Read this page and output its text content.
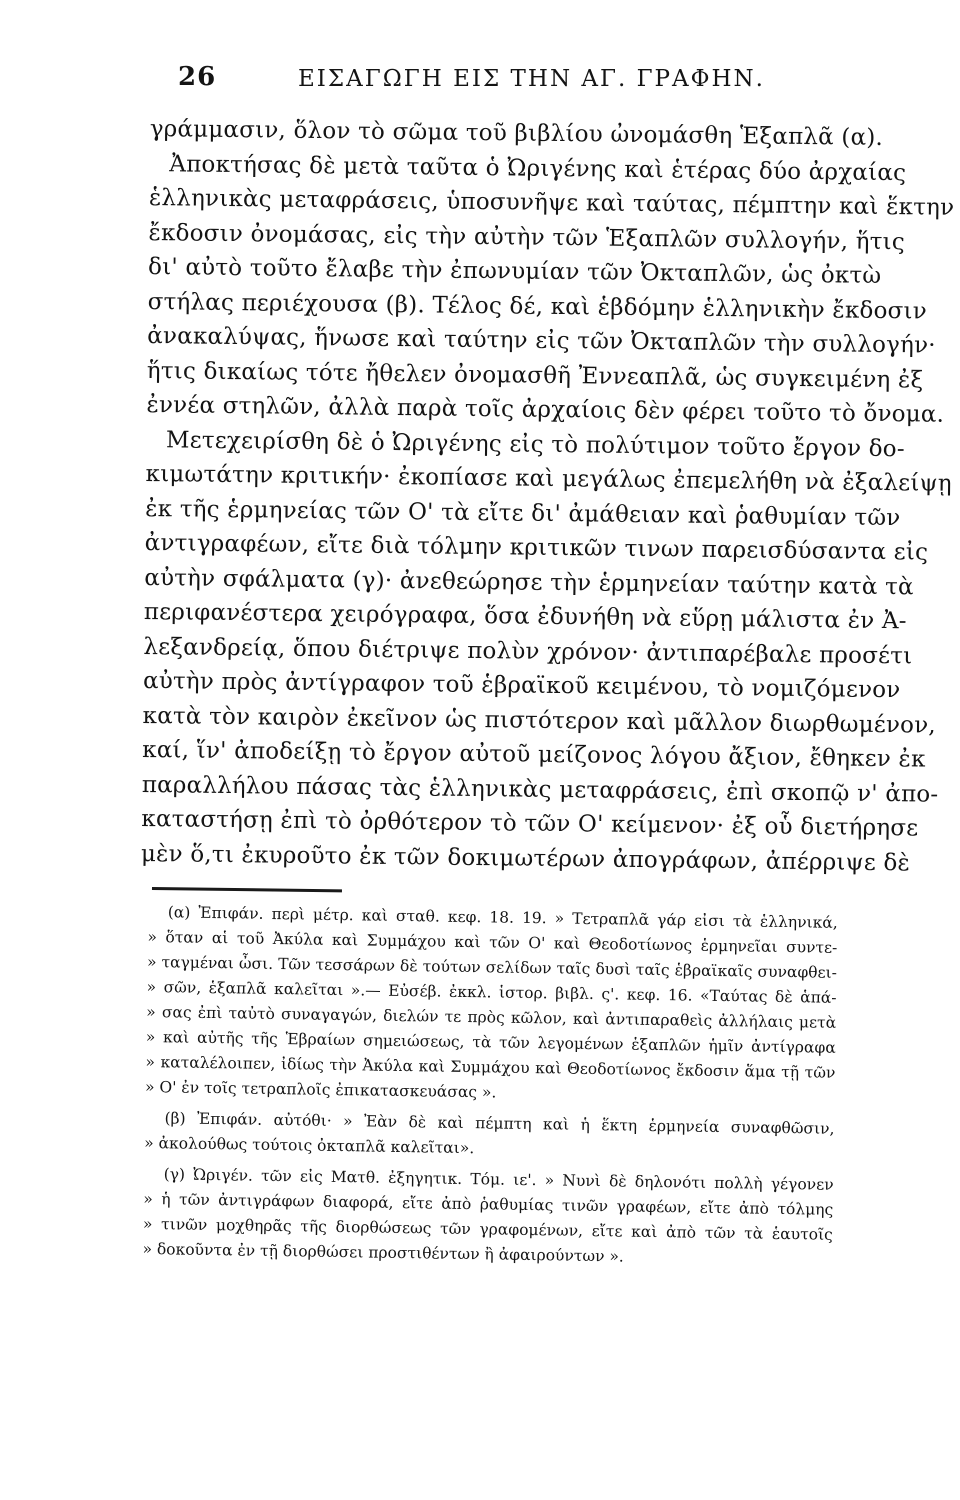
26	ΕΙΣΑΓΩΓΗ ΕΙΣ ΤΗΝ ΑΓ. ΓΡΑΦΗΝ.
γράμμασιν, ὅλον τὸ σῶμα τοῦ βιβλίου ὠνομάσθη Ἑξαπλᾶ (α).
Ἀποκτήσας δὲ μετὰ ταῦτα ὁ Ὠριγένης καὶ ἑτέρας δύο ἀρχαίας
ἑλληνικὰς μεταφράσεις, ὑποσυνῆψε καὶ ταύτας, πέμπτην καὶ ἕκτην
ἔκδοσιν ὀνομάσας, εἰς τὴν αὐτὴν τῶν Ἑξαπλῶν συλλογήν, ἥτις
δι' αὐτὸ τοῦτο ἔλαβε τὴν ἐπωνυμίαν τῶν Ὀκταπλῶν, ὡς ὀκτὼ
στήλας περιέχουσα (β). Τέλος δέ, καὶ ἑβδόμην ἑλληνικὴν ἔκδοσιν
ἀνακαλύψας, ἥνωσε καὶ ταύτην εἰς τῶν Ὀκταπλῶν τὴν συλλογήν·
ἥτις δικαίως τότε ἤθελεν ὀνομασθῆ Ἐννεαπλᾶ, ὡς συγκειμένη ἐξ
ἐννέα στηλῶν, ἀλλὰ παρὰ τοῖς ἀρχαίοις δὲν φέρει τοῦτο τὸ ὄνομα.
Μετεχειρίσθη δὲ ὁ Ὠριγένης εἰς τὸ πολύτιμον τοῦτο ἔργον δο-
κιμωτάτην κριτικήν· ἐκοπίασε καὶ μεγάλως ἐπεμελήθη νὰ ἐξαλείψῃ
ἐκ τῆς ἑρμηνείας τῶν Ο' τὰ εἴτε δι' ἀμάθειαν καὶ ῥαθυμίαν τῶν
ἀντιγραφέων, εἴτε διὰ τόλμην κριτικῶν τινων παρεισδύσαντα εἰς
αὐτὴν σφάλματα (γ)· ἀνεθεώρησε τὴν ἑρμηνείαν ταύτην κατὰ τὰ
περιφανέστερα χειρόγραφα, ὅσα ἐδυνήθη νὰ εὕρῃ μάλιστα ἐν Ἀ-
λεξανδρείᾳ, ὅπου διέτριψε πολὺν χρόνον· ἀντιπαρέβαλε προσέτι
αὐτὴν πρὸς ἀντίγραφον τοῦ ἑβραϊκοῦ κειμένου, τὸ νομιζόμενον
κατὰ τὸν καιρὸν ἐκεῖνον ὡς πιστότερον καὶ μᾶλλον διωρθωμένον,
καί, ἵν' ἀποδείξῃ τὸ ἔργον αὐτοῦ μείζονος λόγου ἄξιον, ἔθηκεν ἐκ
παραλλήλου πάσας τὰς ἑλληνικὰς μεταφράσεις, ἐπὶ σκοπῷ ν' ἀπο-
καταστήσῃ ἐπὶ τὸ ὀρθότερον τὸ τῶν Ο' κείμενον· ἐξ οὗ διετήρησε
μὲν ὅ,τι ἐκυροῦτο ἐκ τῶν δοκιμωτέρων ἀπογράφων, ἀπέρριψε δὲ
(α) Ἐπιφάν. περὶ μέτρ. καὶ σταθ. κεφ. 18. 19. » Τετραπλᾶ γάρ εἰσι τὰ ἑλληνικά,
» ὅταν αἱ τοῦ Ἀκύλα καὶ Συμμάχου καὶ τῶν Ο' καὶ Θεοδοτίωνος ἑρμηνεῖαι συντε-
» ταγμέναι ὦσι. Τῶν τεσσάρων δὲ τούτων σελίδων ταῖς δυσὶ ταῖς ἑβραϊκαῖς συναφθει-
» σῶν, ἑξαπλᾶ καλεῖται ».— Εὐσέβ. ἐκκλ. ἱστορ. βιβλ. ς'. κεφ. 16. «Ταύτας δὲ ἁπά-
» σας ἐπὶ ταὐτὸ συναγαγών, διελών τε πρὸς κῶλον, καὶ ἀντιπαραθεὶς ἀλλήλαις μετὰ
» καὶ αὐτῆς τῆς Ἑβραίων σημειώσεως, τὰ τῶν λεγομένων ἑξαπλῶν ἡμῖν ἀντίγραφα
» καταλέλοιπεν, ἰδίως τὴν Ἀκύλα καὶ Συμμάχου καὶ Θεοδοτίωνος ἔκδοσιν ἅμα τῇ τῶν
» Ο' ἐν τοῖς τετραπλοῖς ἐπικατασκευάσας ».
(β) Ἐπιφάν. αὐτόθι· » Ἐὰν δὲ καὶ πέμπτη καὶ ἡ ἕκτη ἑρμηνεία συναφθῶσιν,
» ἀκολούθως τούτοις ὀκταπλᾶ καλεῖται».
(γ) Ὠριγέν. τῶν εἰς Ματθ. ἐξηγητικ. Τόμ. ιε'. » Νυνὶ δὲ δηλονότι πολλὴ γέγονεν
» ἡ τῶν ἀντιγράφων διαφορά, εἴτε ἀπὸ ῥαθυμίας τινῶν γραφέων, εἴτε ἀπὸ τόλμης
» τινῶν μοχθηρᾶς τῆς διορθώσεως τῶν γραφομένων, εἴτε καὶ ἀπὸ τῶν τὰ ἑαυτοῖς
» δοκοῦντα ἐν τῇ διορθώσει προστιθέντων ἢ ἀφαιρούντων ».
